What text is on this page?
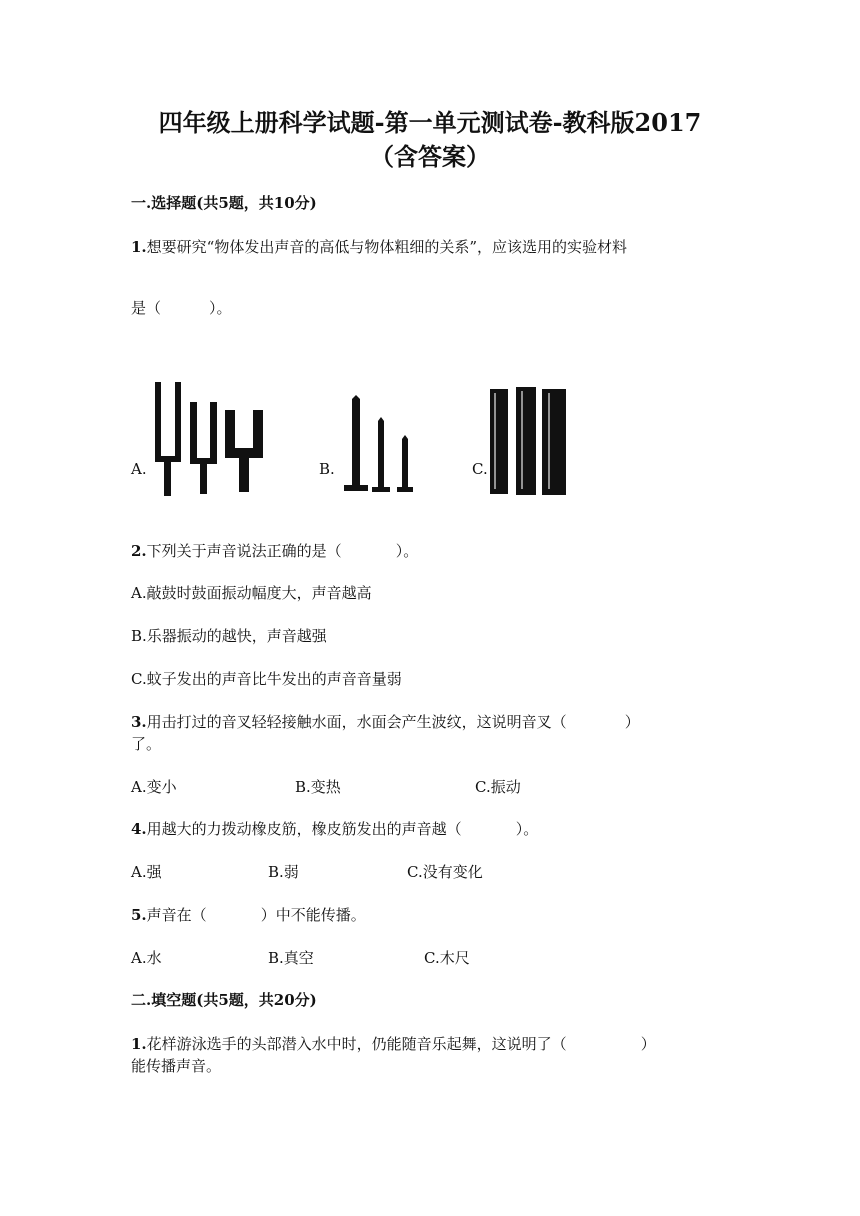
四年级上册科学试题-第一单元测试卷-教科版2017
（含答案）
一.选择题(共5题，共10分)
1.想要研究“物体发出声音的高低与物体粗细的关系”，应该选用的实验材料
是（	）。
A.	B.	C.
2.下列关于声音说法正确的是（	）。
A.敲鼓时鼓面振动幅度大，声音越高
B.乐器振动的越快，声音越强
C.蚊子发出的声音比牛发出的声音音量弱
3.用击打过的音叉轻轻接触水面，水面会产生波纹，这说明音叉（	）
了。
A.变小	B.变热	C.振动
4.用越大的力拨动橡皮筋，橡皮筋发出的声音越（	）。
A.强	B.弱	C.没有变化
5.声音在（	）中不能传播。
A.水	B.真空	C.木尺
二.填空题(共5题，共20分)
1.花样游泳选手的头部潜入水中时，仍能随音乐起舞，这说明了（	）
能传播声音。
